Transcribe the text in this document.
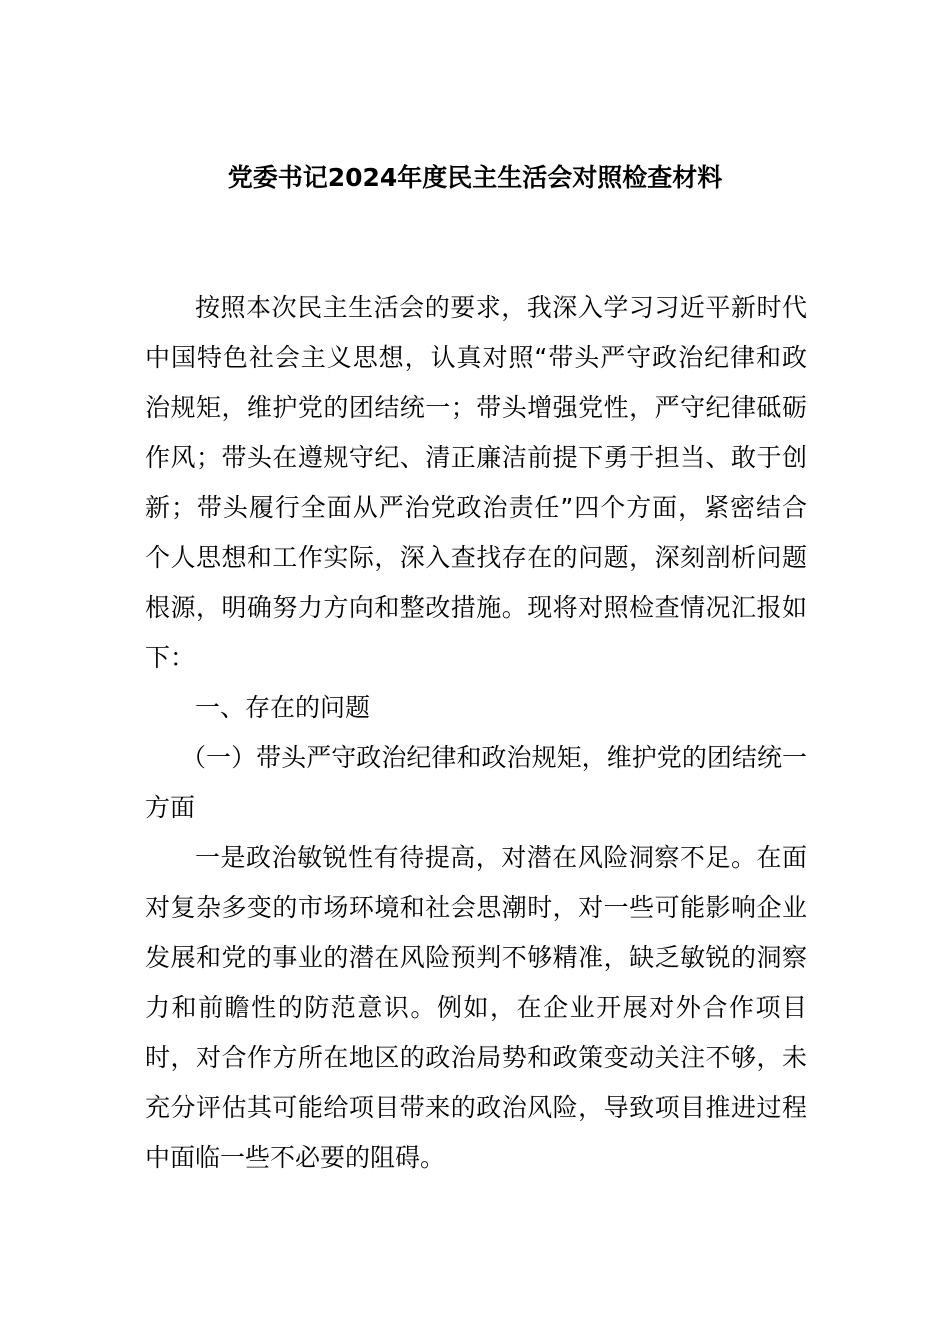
党委书记2024年度民主生活会对照检查材料

按照本次民主生活会的要求，我深入学习习近平新时代中国特色社会主义思想，认真对照“带头严守政治纪律和政治规矩，维护党的团结统一；带头增强党性，严守纪律砥砺作风；带头在遵规守纪、清正廉洁前提下勇于担当、敢于创新；带头履行全面从严治党政治责任”四个方面，紧密结合个人思想和工作实际，深入查找存在的问题，深刻剖析问题根源，明确努力方向和整改措施。现将对照检查情况汇报如下：

一、存在的问题

（一）带头严守政治纪律和政治规矩，维护党的团结统一方面

一是政治敏锐性有待提高，对潜在风险洞察不足。在面对复杂多变的市场环境和社会思潮时，对一些可能影响企业发展和党的事业的潜在风险预判不够精准，缺乏敏锐的洞察力和前瞻性的防范意识。例如，在企业开展对外合作项目时，对合作方所在地区的政治局势和政策变动关注不够，未充分评估其可能给项目带来的政治风险，导致项目推进过程中面临一些不必要的阻碍。
